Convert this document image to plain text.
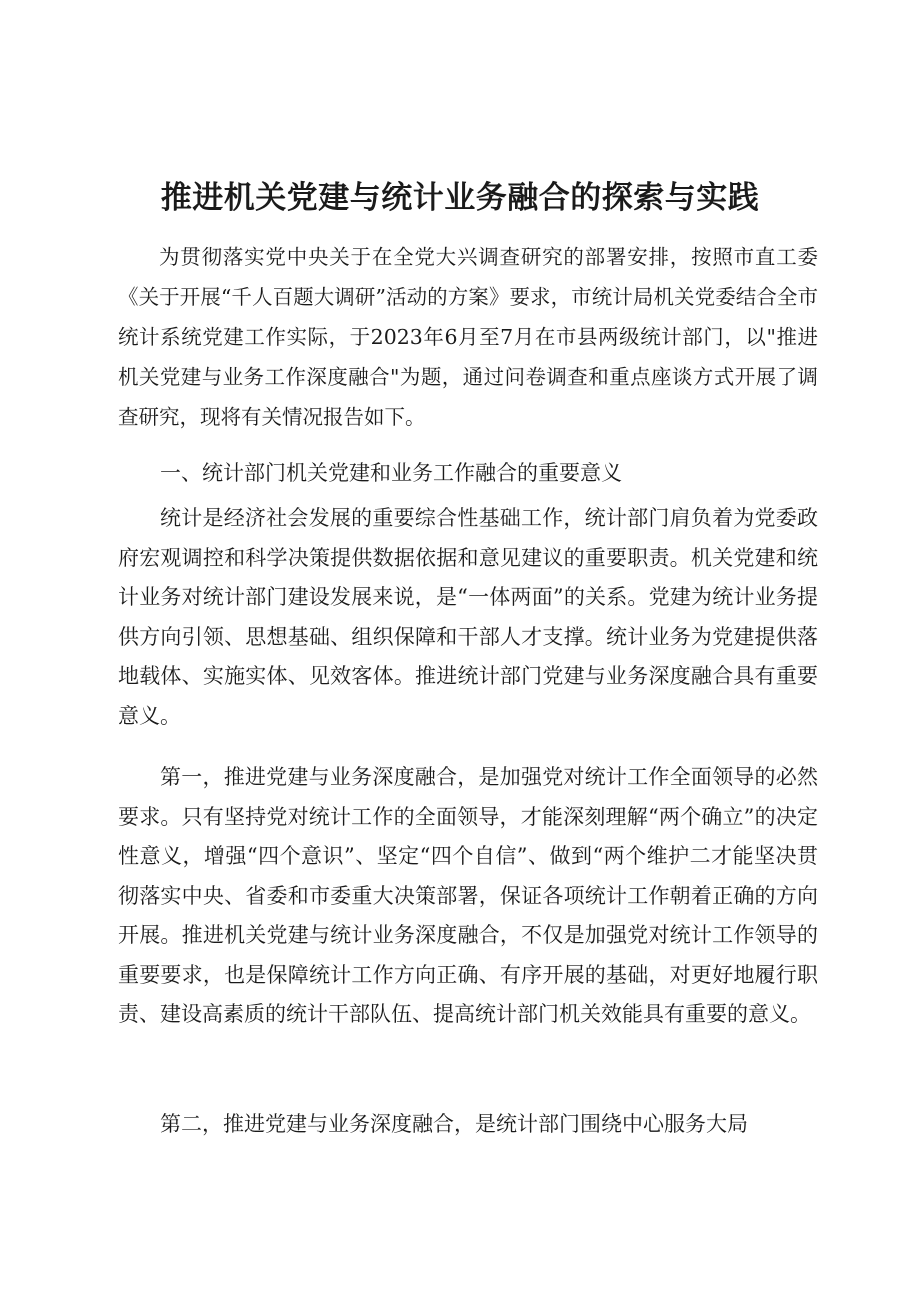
推进机关党建与统计业务融合的探索与实践
为贯彻落实党中央关于在全党大兴调查研究的部署安排，按照市直工委《关于开展“千人百题大调研”活动的方案》要求，市统计局机关党委结合全市统计系统党建工作实际，于2023年6月至7月在市县两级统计部门，以"推进机关党建与业务工作深度融合"为题，通过问卷调查和重点座谈方式开展了调查研究，现将有关情况报告如下。
一、统计部门机关党建和业务工作融合的重要意义
统计是经济社会发展的重要综合性基础工作，统计部门肩负着为党委政府宏观调控和科学决策提供数据依据和意见建议的重要职责。机关党建和统计业务对统计部门建设发展来说，是“一体两面”的关系。党建为统计业务提供方向引领、思想基础、组织保障和干部人才支撑。统计业务为党建提供落地载体、实施实体、见效客体。推进统计部门党建与业务深度融合具有重要意义。
第一，推进党建与业务深度融合，是加强党对统计工作全面领导的必然要求。只有坚持党对统计工作的全面领导，才能深刻理解“两个确立”的决定性意义，增强“四个意识”、坚定“四个自信”、做到“两个维护二才能坚决贯彻落实中央、省委和市委重大决策部署，保证各项统计工作朝着正确的方向开展。推进机关党建与统计业务深度融合，不仅是加强党对统计工作领导的重要要求，也是保障统计工作方向正确、有序开展的基础，对更好地履行职责、建设高素质的统计干部队伍、提高统计部门机关效能具有重要的意义。
第二，推进党建与业务深度融合，是统计部门围绕中心服务大局
